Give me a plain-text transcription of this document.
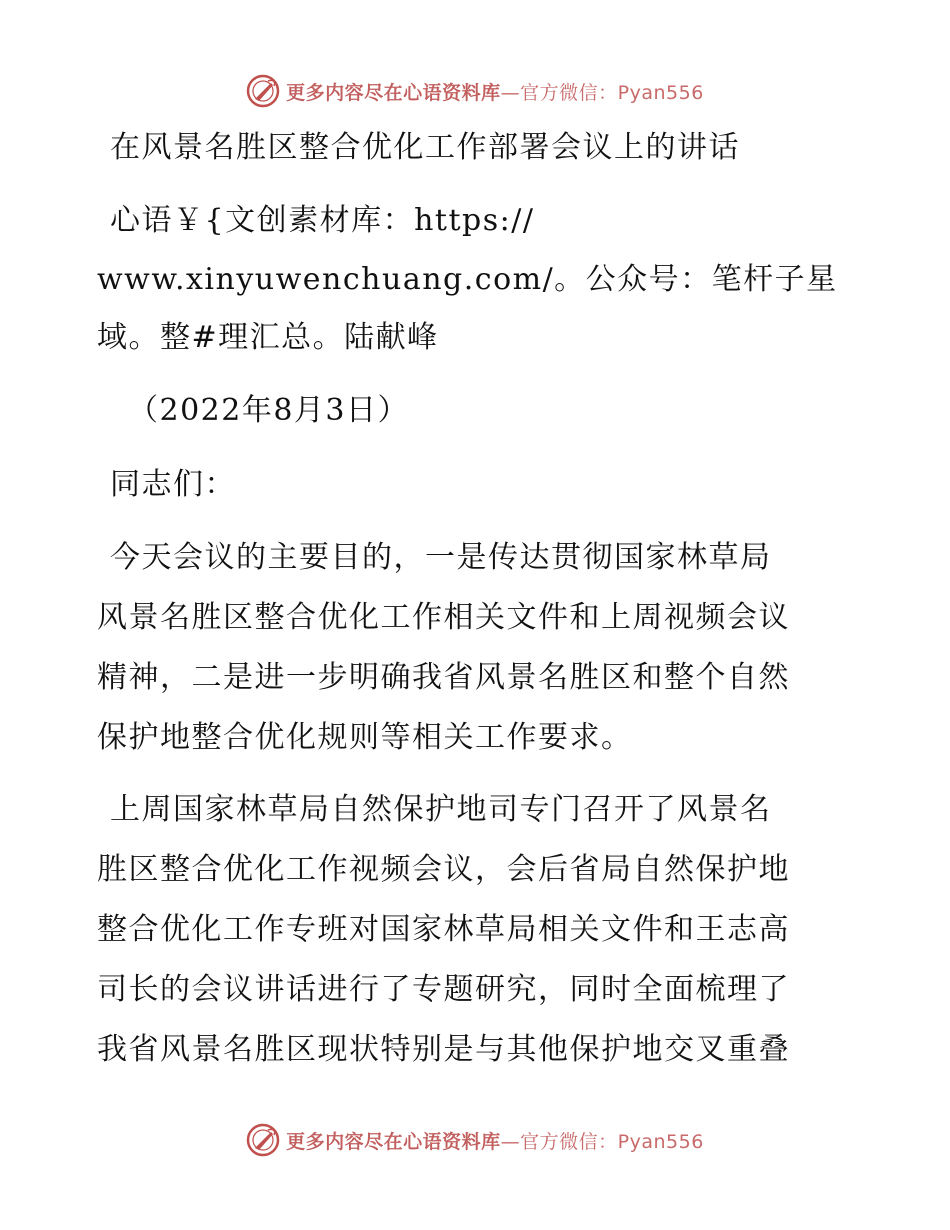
更多内容尽在心语资料库—官方微信：Pyan556
在风景名胜区整合优化工作部署会议上的讲话
心语￥{文创素材库：https://
www.xinyuwenchuang.com/。公众号：笔杆子星
域。整#理汇总。陆献峰
（2022年8月3日）
同志们：
今天会议的主要目的，一是传达贯彻国家林草局
风景名胜区整合优化工作相关文件和上周视频会议
精神，二是进一步明确我省风景名胜区和整个自然
保护地整合优化规则等相关工作要求。
上周国家林草局自然保护地司专门召开了风景名
胜区整合优化工作视频会议，会后省局自然保护地
整合优化工作专班对国家林草局相关文件和王志高
司长的会议讲话进行了专题研究，同时全面梳理了
我省风景名胜区现状特别是与其他保护地交叉重叠
更多内容尽在心语资料库—官方微信：Pyan556
